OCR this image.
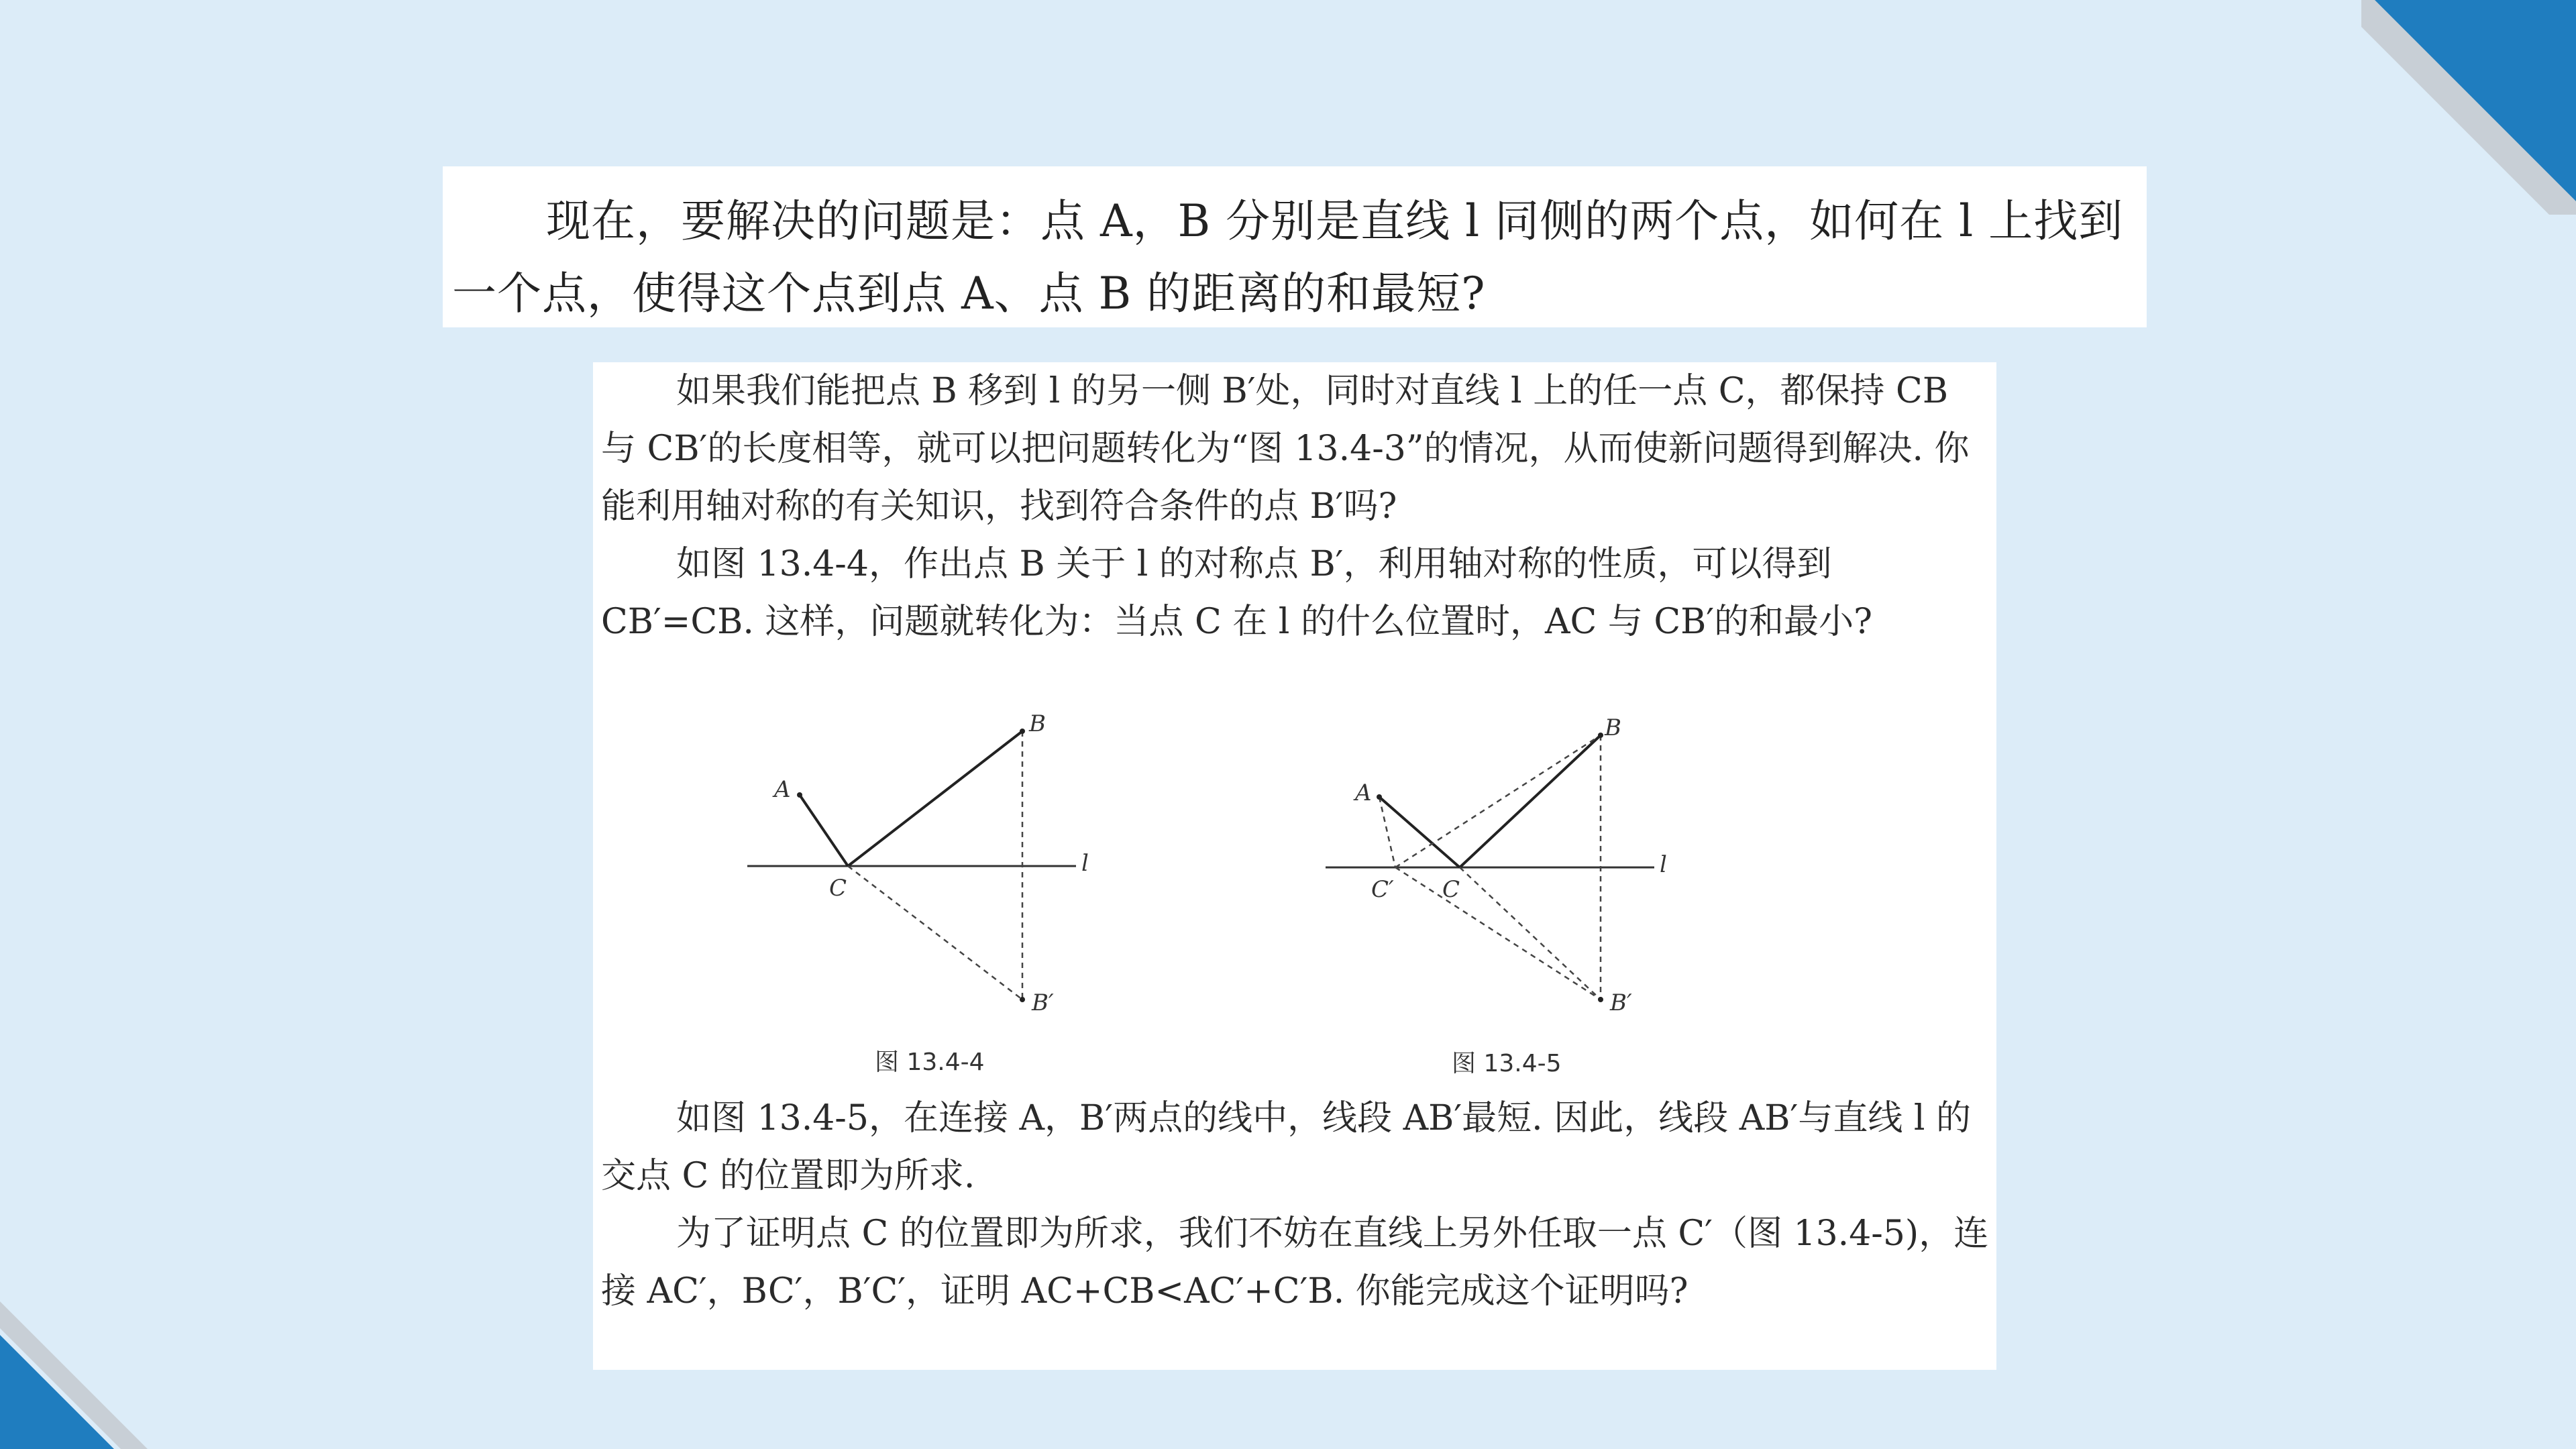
现在，要解决的问题是：点 A，B 分别是直线 l 同侧的两个点，如何在 l 上找到一个点，使得这个点到点 A、点 B 的距离的和最短?

如果我们能把点 B 移到 l 的另一侧 B′处，同时对直线 l 上的任一点 C，都保持 CB 与 CB′的长度相等，就可以把问题转化为“图 13.4-3”的情况，从而使新问题得到解决. 你能利用轴对称的有关知识，找到符合条件的点 B′吗?

如图 13.4-4，作出点 B 关于 l 的对称点 B′，利用轴对称的性质，可以得到 CB′=CB. 这样，问题就转化为：当点 C 在 l 的什么位置时，AC 与 CB′的和最小?

A
B
C
B′
l
A
B
C
C′
B′
l
图 13.4-4	图 13.4-5

如图 13.4-5，在连接 A，B′两点的线中，线段 AB′最短. 因此，线段 AB′与直线 l 的交点 C 的位置即为所求.

为了证明点 C 的位置即为所求，我们不妨在直线上另外任取一点 C′（图 13.4-5)，连接 AC′，BC′，B′C′，证明 AC+CB<AC′+C′B. 你能完成这个证明吗?
